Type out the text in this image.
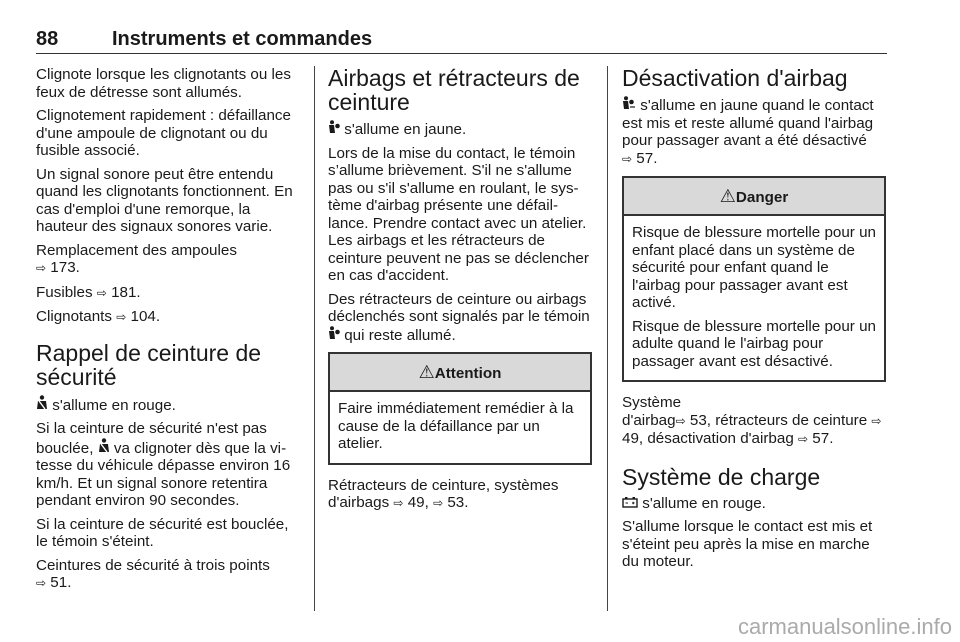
88	Instruments et commandes

Clignote lorsque les clignotants ou les feux de détresse sont allumés.

Clignotement rapidement : défaillance d'une ampoule de clignotant ou du fusible associé.

Un signal sonore peut être entendu quand les clignotants fonctionnent. En cas d'emploi d'une remorque, la hauteur des signaux sonores varie.

Remplacement des ampoules
⇨ 173.

Fusibles ⇨ 181.

Clignotants ⇨ 104.

Rappel de ceinture de sécurité

s'allume en rouge.

Si la ceinture de sécurité n'est pas bouclée, va clignoter dès que la vitesse du véhicule dépasse environ 16 km/h. Et un signal sonore retentira pendant environ 90 secondes.

Si la ceinture de sécurité est bouclée, le témoin s'éteint.

Ceintures de sécurité à trois points
⇨ 51.

Airbags et rétracteurs de ceinture

s'allume en jaune.

Lors de la mise du contact, le témoin s’allume brièvement. S'il ne s'allume pas ou s'il s'allume en roulant, le système d'airbag présente une défaillance. Prendre contact avec un atelier. Les airbags et les rétracteurs de ceinture peuvent ne pas se déclencher en cas d'accident.

Des rétracteurs de ceinture ou airbags déclenchés sont signalés par le témoin  qui reste allumé.

⚠Attention

Faire immédiatement remédier à la cause de la défaillance par un atelier.

Rétracteurs de ceinture, systèmes d'airbags ⇨ 49, ⇨ 53.

Désactivation d'airbag

s'allume en jaune quand le contact est mis et reste allumé quand l'airbag pour passager avant a été désactivé ⇨ 57.

⚠Danger

Risque de blessure mortelle pour un enfant placé dans un système de sécurité pour enfant quand le l'airbag pour passager avant est activé.

Risque de blessure mortelle pour un adulte quand le l'airbag pour passager avant est désactivé.

Système d'airbag⇨ 53, rétracteurs de ceinture ⇨ 49, désactivation d'airbag ⇨ 57.

Système de charge

s'allume en rouge.

S'allume lorsque le contact est mis et s'éteint peu après la mise en marche du moteur.

carmanualsonline.info
